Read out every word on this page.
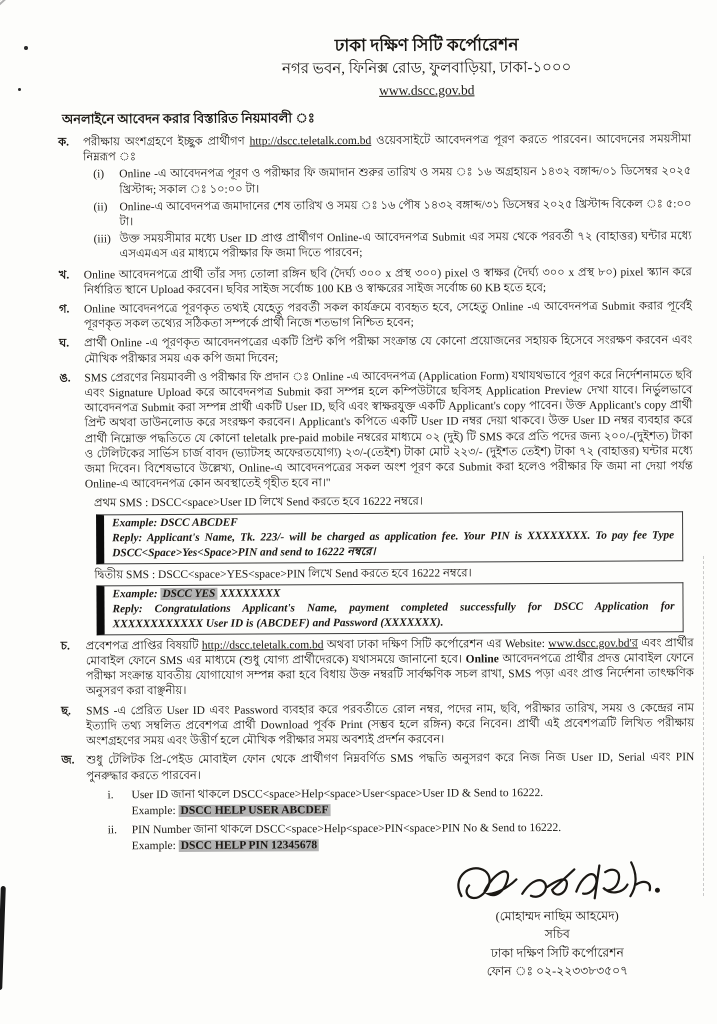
ঢাকা দক্ষিণ সিটি কর্পোরেশন
নগর ভবন, ফিনিক্স রোড, ফুলবাড়িয়া, ঢাকা-১০০০
www.dscc.gov.bd
অনলাইনে আবেদন করার বিস্তারিত নিয়মাবলী ঃ
ক.	পরীক্ষায় অংশগ্রহণে ইচ্ছুক প্রার্থীগণ http://dscc.teletalk.com.bd ওয়েবসাইটে আবেদনপত্র পূরণ করতে পারবেন। আবেদনের সময়সীমা নিম্নরূপ ঃ

(i)	Online -এ আবেদনপত্র পূরণ ও পরীক্ষার ফি জমাদান শুরুর তারিখ ও সময় ঃ ১৬ অগ্রহায়ন ১৪৩২ বঙ্গাব্দ/০১ ডিসেম্বর ২০২৫ খ্রিস্টাব্দ; সকাল ঃ ১০:০০ টা।

(ii)	Online-এ আবেদনপত্র জমাদানের শেষ তারিখ ও সময় ঃ ১৬ পৌষ ১৪৩২ বঙ্গাব্দ/৩১ ডিসেম্বর ২০২৫ খ্রিস্টাব্দ বিকেল ঃ ৫:০০ টা।

(iii) উক্ত সময়সীমার মধ্যে User ID প্রাপ্ত প্রার্থীগণ Online-এ আবেদনপত্র Submit এর সময় থেকে পরবর্তী ৭২ (বাহাত্তর) ঘন্টার মধ্যে এসএমএস এর মাধ্যমে পরীক্ষার ফি জমা দিতে পারবেন;

খ.	Online আবেদনপত্রে প্রার্থী তাঁর সদ্য তোলা রঙ্গিন ছবি (দৈর্ঘ্য ৩০০ x প্রস্থ ৩০০) pixel ও স্বাক্ষর (দৈর্ঘ্য ৩০০ x প্রস্থ ৮০) pixel স্ক্যান করে নির্ধারিত স্থানে Upload করবেন। ছবির সাইজ সর্বোচ্চ 100 KB ও স্বাক্ষরের সাইজ সর্বোচ্চ 60 KB হতে হবে;

গ.	Online আবেদনপত্রে পূরণকৃত তথ্যই যেহেতু পরবর্তী সকল কার্যক্রমে ব্যবহৃত হবে, সেহেতু Online -এ আবেদনপত্র Submit করার পূর্বেই পূরণকৃত সকল তথ্যের সঠিকতা সম্পর্কে প্রার্থী নিজে শতভাগ নিশ্চিত হবেন;

ঘ.	প্রার্থী Online -এ পূরণকৃত আবেদনপত্রের একটি প্রিন্ট কপি পরীক্ষা সংক্রান্ত যে কোনো প্রয়োজনের সহায়ক হিসেবে সংরক্ষণ করবেন এবং মৌখিক পরীক্ষার সময় এক কপি জমা দিবেন;

ঙ.	SMS প্রেরণের নিয়মাবলী ও পরীক্ষার ফি প্রদান ঃ Online -এ আবেদনপত্র (Application Form) যথাযথভাবে পূরণ করে নির্দেশনামতে ছবি এবং Signature Upload করে আবেদনপত্র Submit করা সম্পন্ন হলে কম্পিউটারে ছবিসহ Application Preview দেখা যাবে। নির্ভুলভাবে আবেদনপত্র Submit করা সম্পন্ন প্রার্থী একটি User ID, ছবি এবং স্বাক্ষরযুক্ত একটি Applicant's copy পাবেন। উক্ত Applicant's copy প্রার্থী প্রিন্ট অথবা ডাউনলোড করে সংরক্ষণ করবেন। Applicant's কপিতে একটি User ID নম্বর দেয়া থাকবে। উক্ত User ID নম্বর ব্যবহার করে প্রার্থী নিম্নোক্ত পদ্ধতিতে যে কোনো teletalk pre-paid mobile নম্বরের মাধ্যমে ০২ (দুই) টি SMS করে প্রতি পদের জন্য ২০০/-(দুইশত) টাকা ও টেলিটকের সার্ভিস চার্জ বাবদ (ভ্যাটসহ অফেরতযোগ্য) ২৩/-(তেইশ) টাকা মোট ২২৩/- (দুইশত তেইশ) টাকা ৭২ (বাহাত্তর) ঘন্টার মধ্যে জমা দিবেন। বিশেষভাবে উল্লেখ্য, Online-এ আবেদনপত্রের সকল অংশ পূরণ করে Submit করা হলেও পরীক্ষার ফি জমা না দেয়া পর্যন্ত Online-এ আবেদনপত্র কোন অবস্থাতেই গৃহীত হবে না।"

প্রথম SMS : DSCC<space>User ID লিখে Send করতে হবে 16222 নম্বরে।

Example: DSCC ABCDEF
Reply: Applicant's Name, Tk. 223/- will be charged as application fee. Your PIN is XXXXXXXX. To pay fee Type DSCC<Space>Yes<Space>PIN and send to 16222 নম্বরে।

দ্বিতীয় SMS : DSCC<space>YES<space>PIN লিখে Send করতে হবে 16222 নম্বরে।

Example: DSCC YES XXXXXXXX
Reply: Congratulations Applicant's Name, payment completed successfully for DSCC Application for XXXXXXXXXXXX User ID is (ABCDEF) and Password (XXXXXXX).
চ.	প্রবেশপত্র প্রাপ্তির বিষয়টি http://dscc.teletalk.com.bd অথবা ঢাকা দক্ষিণ সিটি কর্পোরেশন এর Website: www.dscc.gov.bd'র এবং প্রার্থীর মোবাইল ফোনে SMS এর মাধ্যমে (শুধু যোগ্য প্রার্থীদেরকে) যথাসময়ে জানানো হবে। Online আবেদনপত্রে প্রার্থীর প্রদত্ত মোবাইল ফোনে পরীক্ষা সংক্রান্ত যাবতীয় যোগাযোগ সম্পন্ন করা হবে বিধায় উক্ত নম্বরটি সার্বক্ষণিক সচল রাখা, SMS পড়া এবং প্রাপ্ত নির্দেশনা তাৎক্ষণিক অনুসরণ করা বাঞ্ছনীয়।

ছ.	SMS -এ প্রেরিত User ID এবং Password ব্যবহার করে পরবর্তীতে রোল নম্বর, পদের নাম, ছবি, পরীক্ষার তারিখ, সময় ও কেন্দ্রের নাম ইত্যাদি তথ্য সম্বলিত প্রবেশপত্র প্রার্থী Download পূর্বক Print (সম্ভব হলে রঙ্গিন) করে নিবেন। প্রার্থী এই প্রবেশপত্রটি লিখিত পরীক্ষায় অংশগ্রহণের সময় এবং উত্তীর্ণ হলে মৌখিক পরীক্ষার সময় অবশ্যই প্রদর্শন করবেন।

জ.	শুধু টেলিটক প্রি-পেইড মোবাইল ফোন থেকে প্রার্থীগণ নিম্নবর্ণিত SMS পদ্ধতি অনুসরণ করে নিজ নিজ User ID, Serial এবং PIN পুনরুদ্ধার করতে পারবেন।

i.	User ID জানা থাকলে DSCC<space>Help<space>User<space>User ID & Send to 16222.
Example: DSCC HELP USER ABCDEF
ii.	PIN Number জানা থাকলে DSCC<space>Help<space>PIN<space>PIN No & Send to 16222.
Example: DSCC HELP PIN 12345678
(মোহাম্মদ নাছিম আহমেদ)
সচিব
ঢাকা দক্ষিণ সিটি কর্পোরেশন
ফোন ঃ ০২-২২৩৩৮৩৫০৭
